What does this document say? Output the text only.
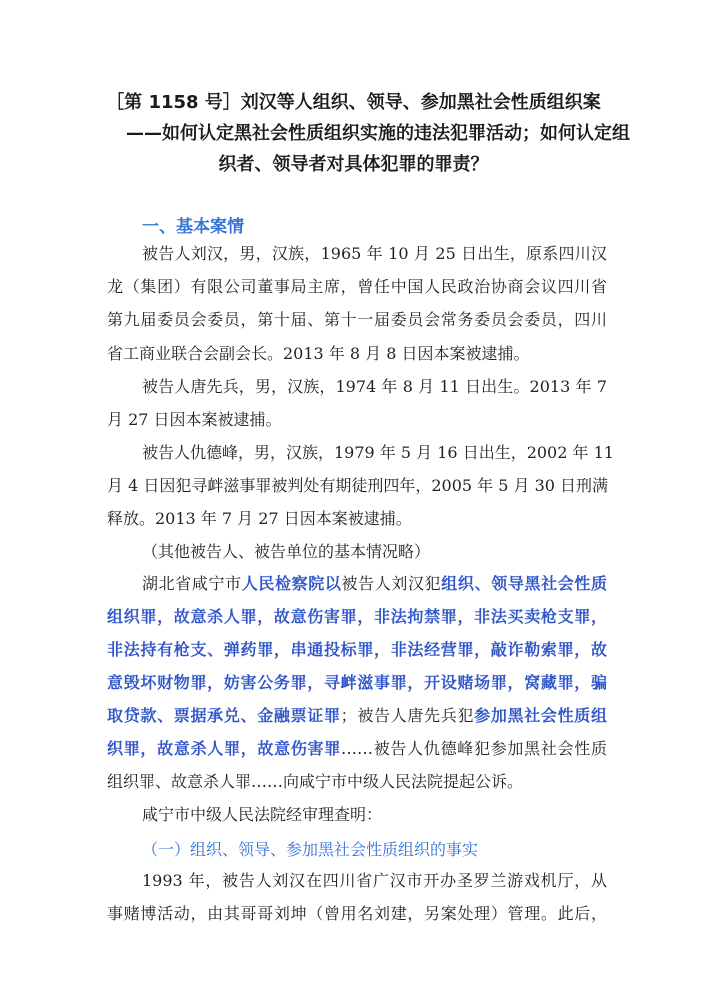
［第 1158 号］刘汉等人组织、领导、参加黑社会性质组织案
——如何认定黑社会性质组织实施的违法犯罪活动；如何认定组
织者、领导者对具体犯罪的罪责？
一、基本案情
被告人刘汉，男，汉族，1965 年 10 月 25 日出生，原系四川汉
龙（集团）有限公司董事局主席，曾任中国人民政治协商会议四川省
第九届委员会委员，第十届、第十一届委员会常务委员会委员，四川
省工商业联合会副会长。2013 年 8 月 8 日因本案被逮捕。
被告人唐先兵，男，汉族，1974 年 8 月 11 日出生。2013 年 7
月 27 日因本案被逮捕。
被告人仇德峰，男，汉族，1979 年 5 月 16 日出生，2002 年 11
月 4 日因犯寻衅滋事罪被判处有期徒刑四年，2005 年 5 月 30 日刑满
释放。2013 年 7 月 27 日因本案被逮捕。
（其他被告人、被告单位的基本情况略）
湖北省咸宁市人民检察院以被告人刘汉犯组织、领导黑社会性质
组织罪，故意杀人罪，故意伤害罪，非法拘禁罪，非法买卖枪支罪，
非法持有枪支、弹药罪，串通投标罪，非法经营罪，敲诈勒索罪，故
意毁坏财物罪，妨害公务罪，寻衅滋事罪，开设赌场罪，窝藏罪，骗
取贷款、票据承兑、金融票证罪；被告人唐先兵犯参加黑社会性质组
织罪，故意杀人罪，故意伤害罪……被告人仇德峰犯参加黑社会性质
组织罪、故意杀人罪……向咸宁市中级人民法院提起公诉。
咸宁市中级人民法院经审理查明：
（一）组织、领导、参加黑社会性质组织的事实
1993 年，被告人刘汉在四川省广汉市开办圣罗兰游戏机厅，从
事赌博活动，由其哥哥刘坤（曾用名刘建，另案处理）管理。此后，
